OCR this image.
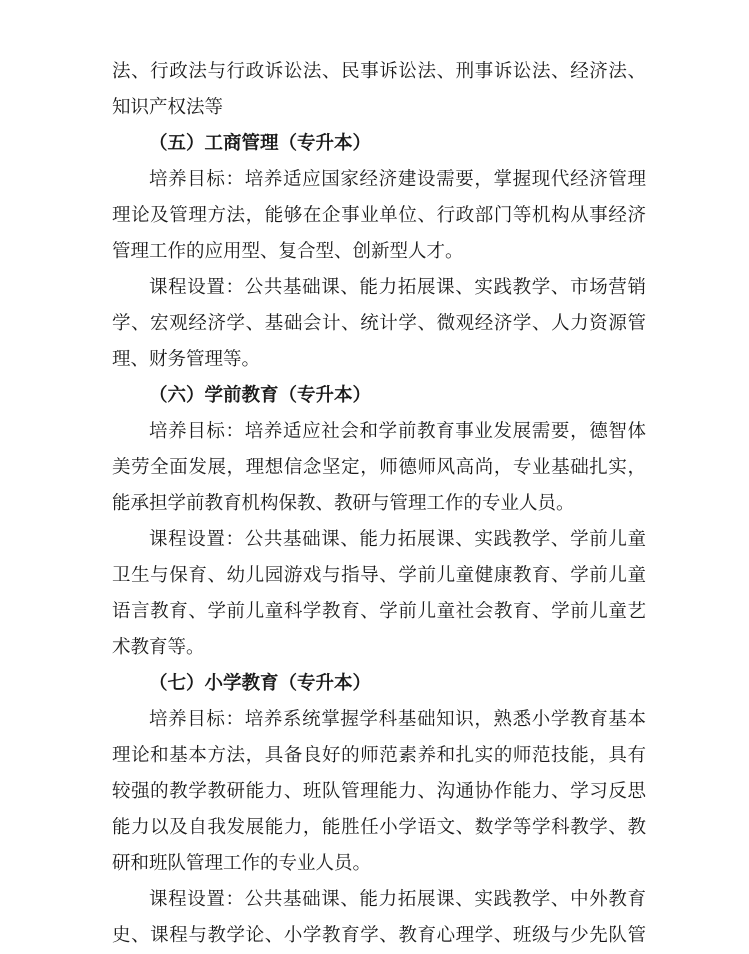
法、行政法与行政诉讼法、民事诉讼法、刑事诉讼法、经济法、
知识产权法等
（五）工商管理（专升本）
培养目标：培养适应国家经济建设需要，掌握现代经济管理
理论及管理方法，能够在企事业单位、行政部门等机构从事经济
管理工作的应用型、复合型、创新型人才。
课程设置：公共基础课、能力拓展课、实践教学、市场营销
学、宏观经济学、基础会计、统计学、微观经济学、人力资源管
理、财务管理等。
（六）学前教育（专升本）
培养目标：培养适应社会和学前教育事业发展需要，德智体
美劳全面发展，理想信念坚定，师德师风高尚，专业基础扎实，
能承担学前教育机构保教、教研与管理工作的专业人员。
课程设置：公共基础课、能力拓展课、实践教学、学前儿童
卫生与保育、幼儿园游戏与指导、学前儿童健康教育、学前儿童
语言教育、学前儿童科学教育、学前儿童社会教育、学前儿童艺
术教育等。
（七）小学教育（专升本）
培养目标：培养系统掌握学科基础知识，熟悉小学教育基本
理论和基本方法，具备良好的师范素养和扎实的师范技能，具有
较强的教学教研能力、班队管理能力、沟通协作能力、学习反思
能力以及自我发展能力，能胜任小学语文、数学等学科教学、教
研和班队管理工作的专业人员。
课程设置：公共基础课、能力拓展课、实践教学、中外教育
史、课程与教学论、小学教育学、教育心理学、班级与少先队管
